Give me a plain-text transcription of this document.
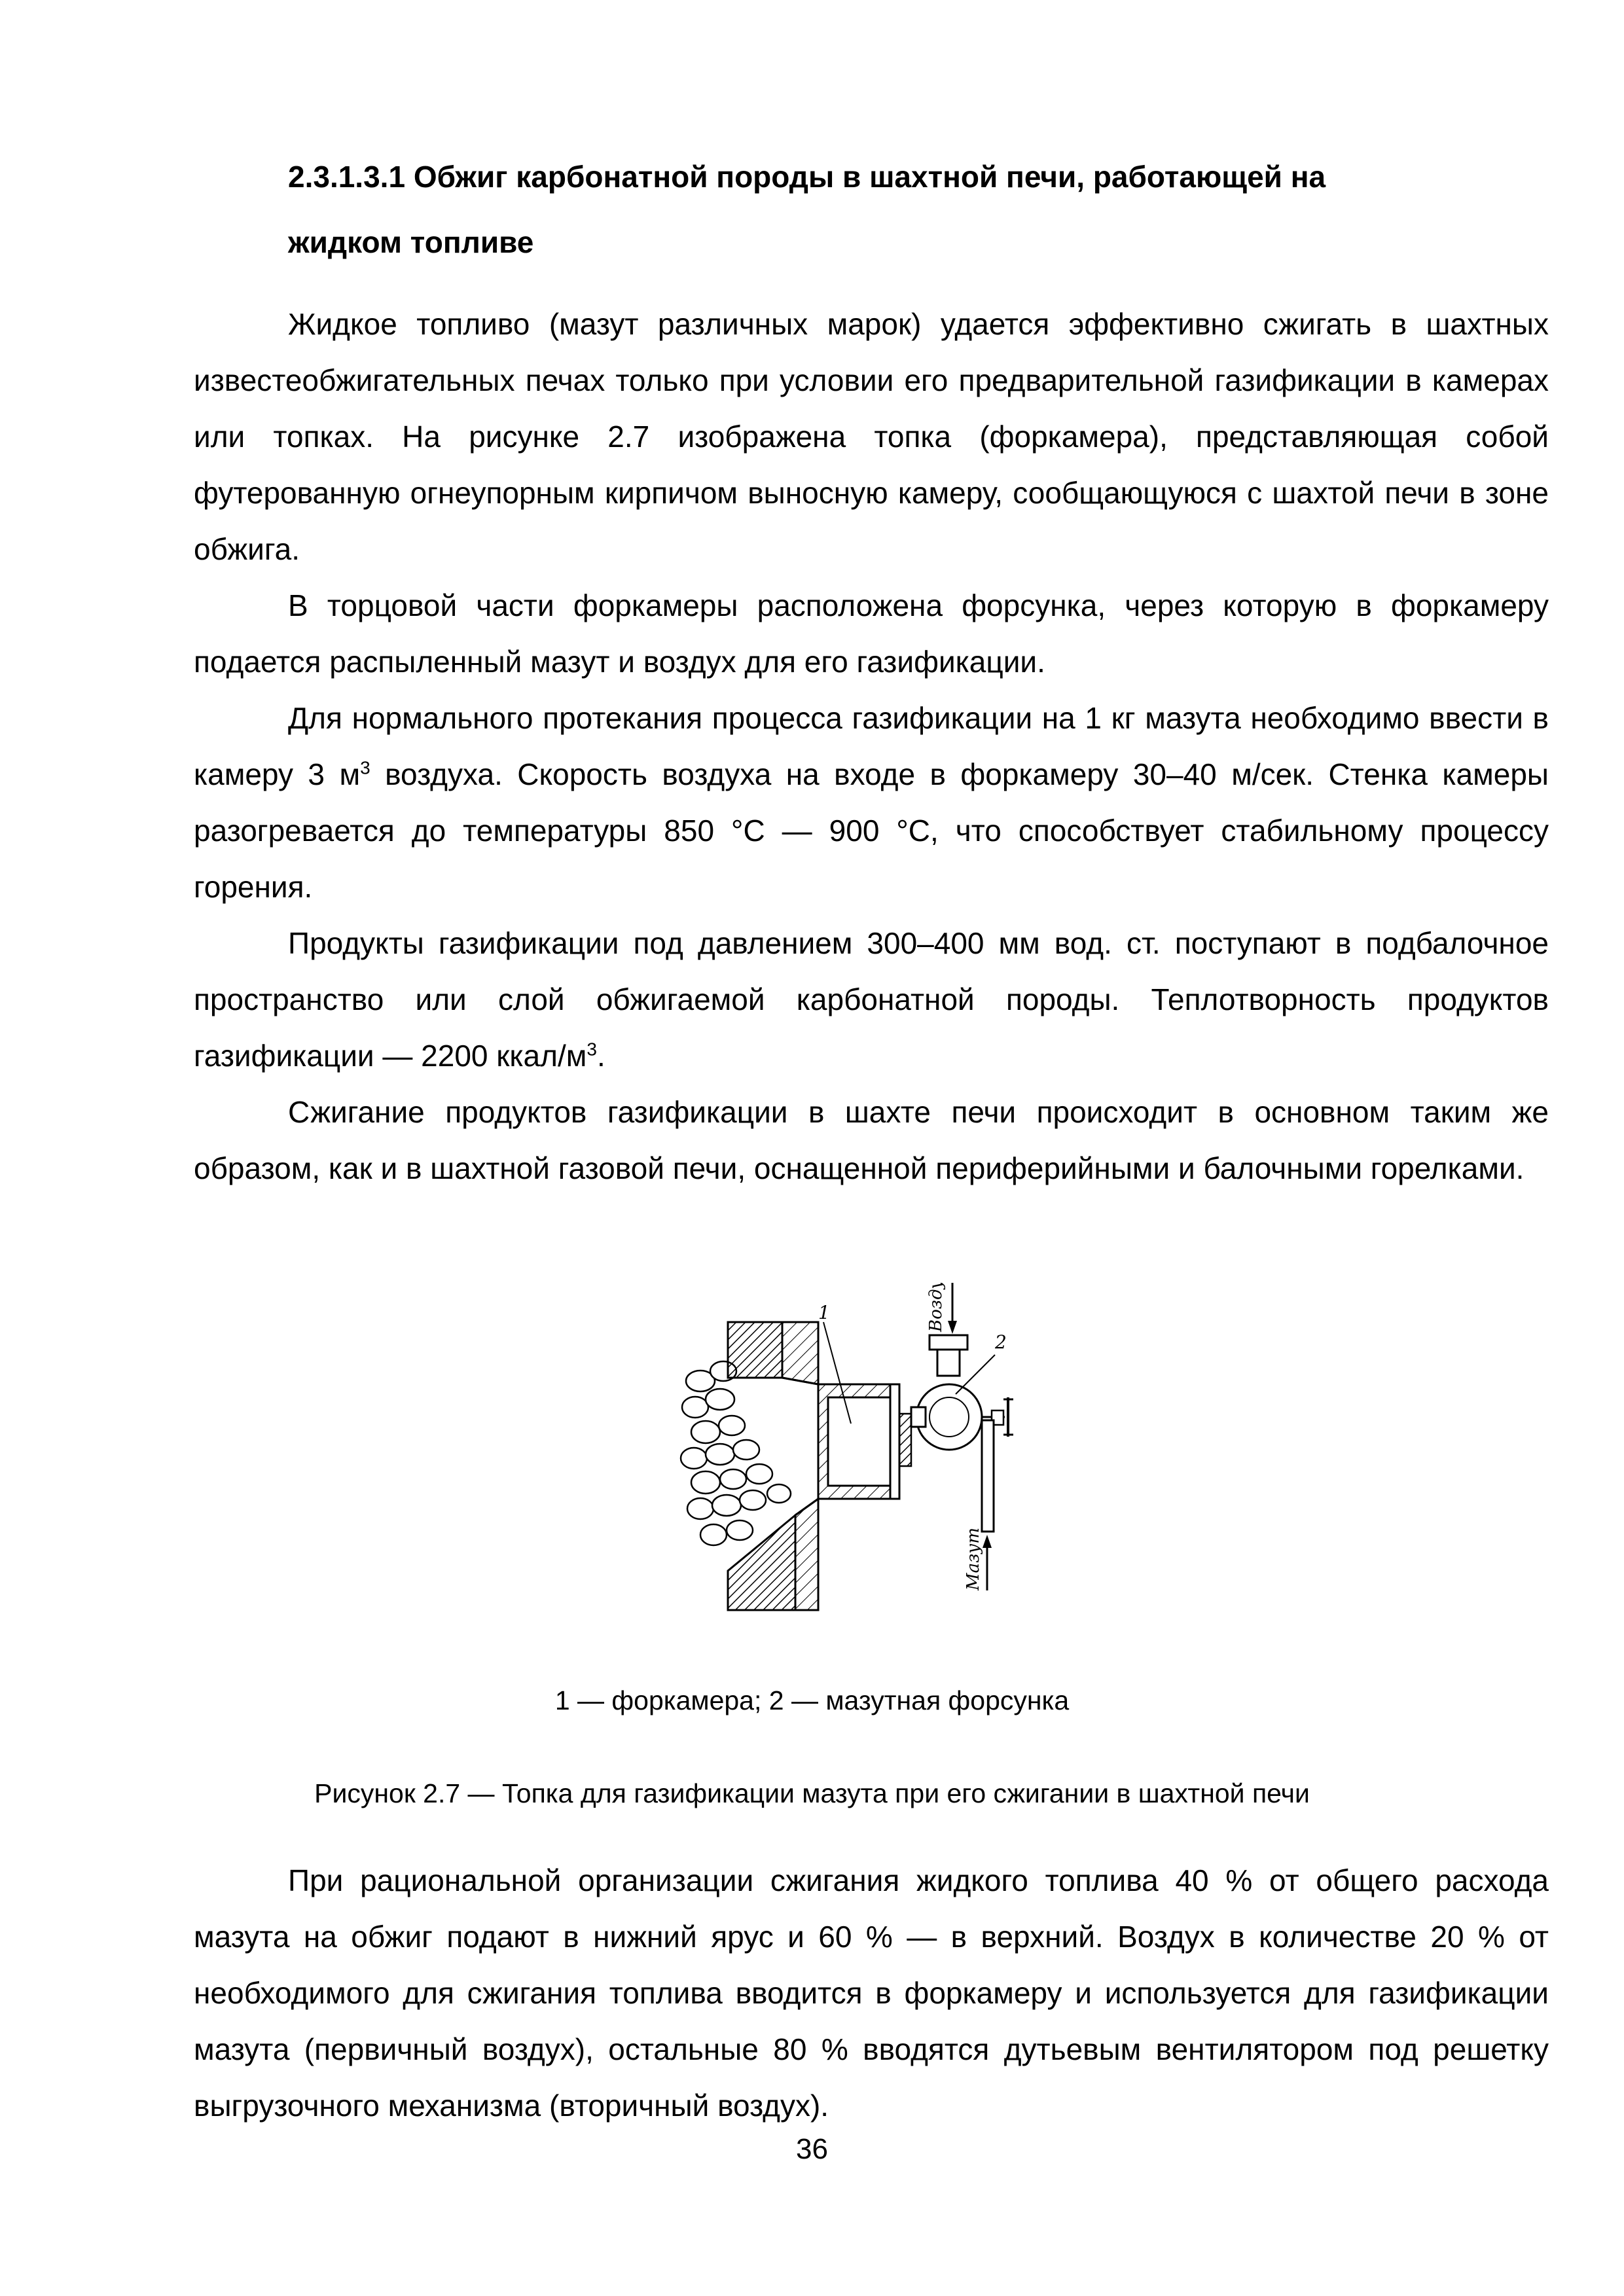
2.3.1.3.1 Обжиг карбонатной породы в шахтной печи, работающей на
жидком топливе

Жидкое топливо (мазут различных марок) удается эффективно сжигать в шахтных известеобжигательных печах только при условии его предварительной газификации в камерах или топках. На рисунке 2.7 изображена топка (форкамера), представляющая собой футерованную огнеупорным кирпичом выносную камеру, сообщающуюся с шахтой печи в зоне обжига.

В торцовой части форкамеры расположена форсунка, через которую в форкамеру подается распыленный мазут и воздух для его газификации.

Для нормального протекания процесса газификации на 1 кг мазута необходимо ввести в камеру 3 $м^3$ воздуха. Скорость воздуха на входе в форкамеру 30–40 м/сек. Стенка камеры разогревается до температуры 850 °С — 900 °С, что способствует стабильному процессу горения.

Продукты газификации под давлением 300–400 мм вод. ст. поступают в подбалочное пространство или слой обжигаемой карбонатной породы. Теплотворность продуктов газификации — 2200 ккал/$м^3$.

Сжигание продуктов газификации в шахте печи происходит в основном таким же образом, как и в шахтной газовой печи, оснащенной периферийными и балочными горелками.

1
2
Воздух
Мазут

1 — форкамера; 2 — мазутная форсунка

Рисунок 2.7 — Топка для газификации мазута при его сжигании в шахтной печи

При рациональной организации сжигания жидкого топлива 40 % от общего расхода мазута на обжиг подают в нижний ярус и 60 % — в верхний. Воздух в количестве 20 % от необходимого для сжигания топлива вводится в форкамеру и используется для газификации мазута (первичный воздух), остальные 80 % вводятся дутьевым вентилятором под решетку выгрузочного механизма (вторичный воздух).

36
